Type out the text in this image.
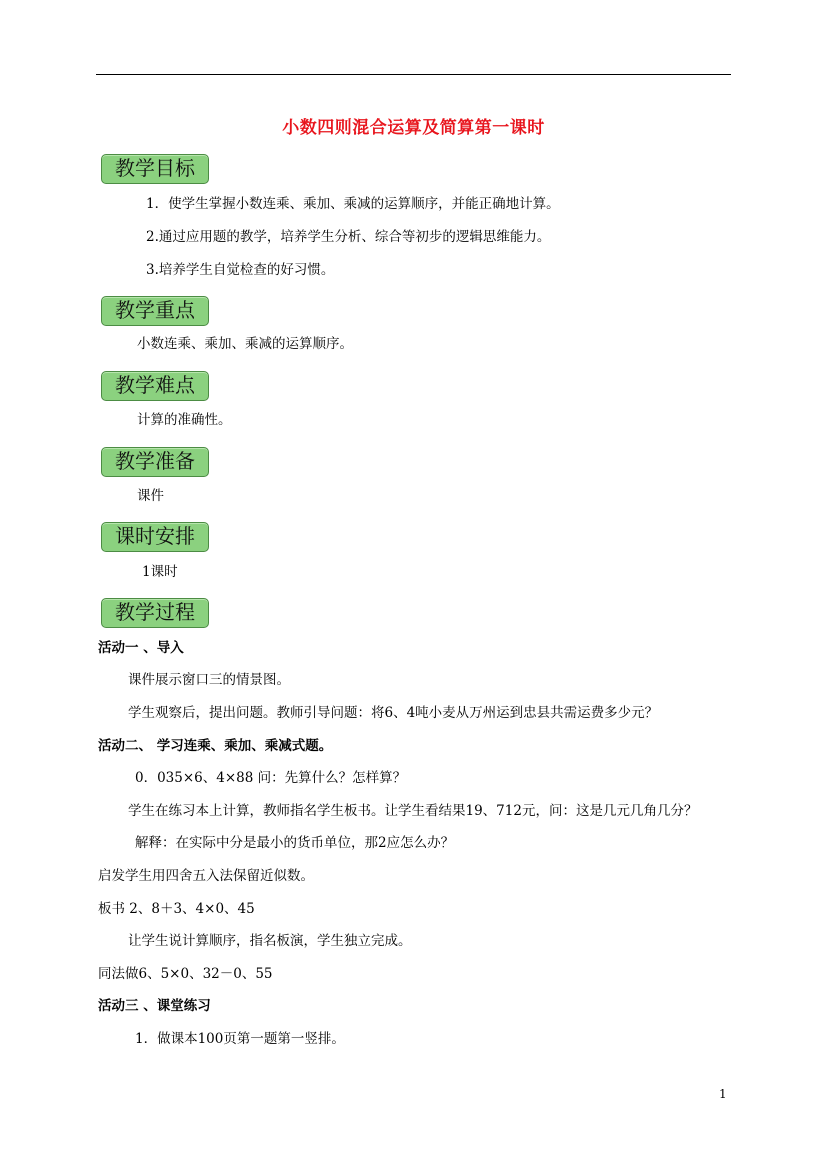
小数四则混合运算及简算第一课时
教学目标
1．使学生掌握小数连乘、乘加、乘减的运算顺序，并能正确地计算。
2.通过应用题的教学，培养学生分析、综合等初步的逻辑思维能力。
3.培养学生自觉检查的好习惯。
教学重点
小数连乘、乘加、乘减的运算顺序。
教学难点
计算的准确性。
教学准备
课件
课时安排
1课时
教学过程
活动一 、导入
课件展示窗口三的情景图。
学生观察后，提出问题。教师引导问题：将6、4吨小麦从万州运到忠县共需运费多少元？
活动二、 学习连乘、乘加、乘减式题。
0．035×6、4×88 问：先算什么？怎样算？
学生在练习本上计算，教师指名学生板书。让学生看结果19、712元，问：这是几元几角几分？
解释：在实际中分是最小的货币单位，那2应怎么办？
启发学生用四舍五入法保留近似数。
板书 2、8＋3、4×0、45
让学生说计算顺序，指名板演，学生独立完成。
同法做6、5×0、32－0、55
活动三 、课堂练习
1．做课本100页第一题第一竖排。
1
